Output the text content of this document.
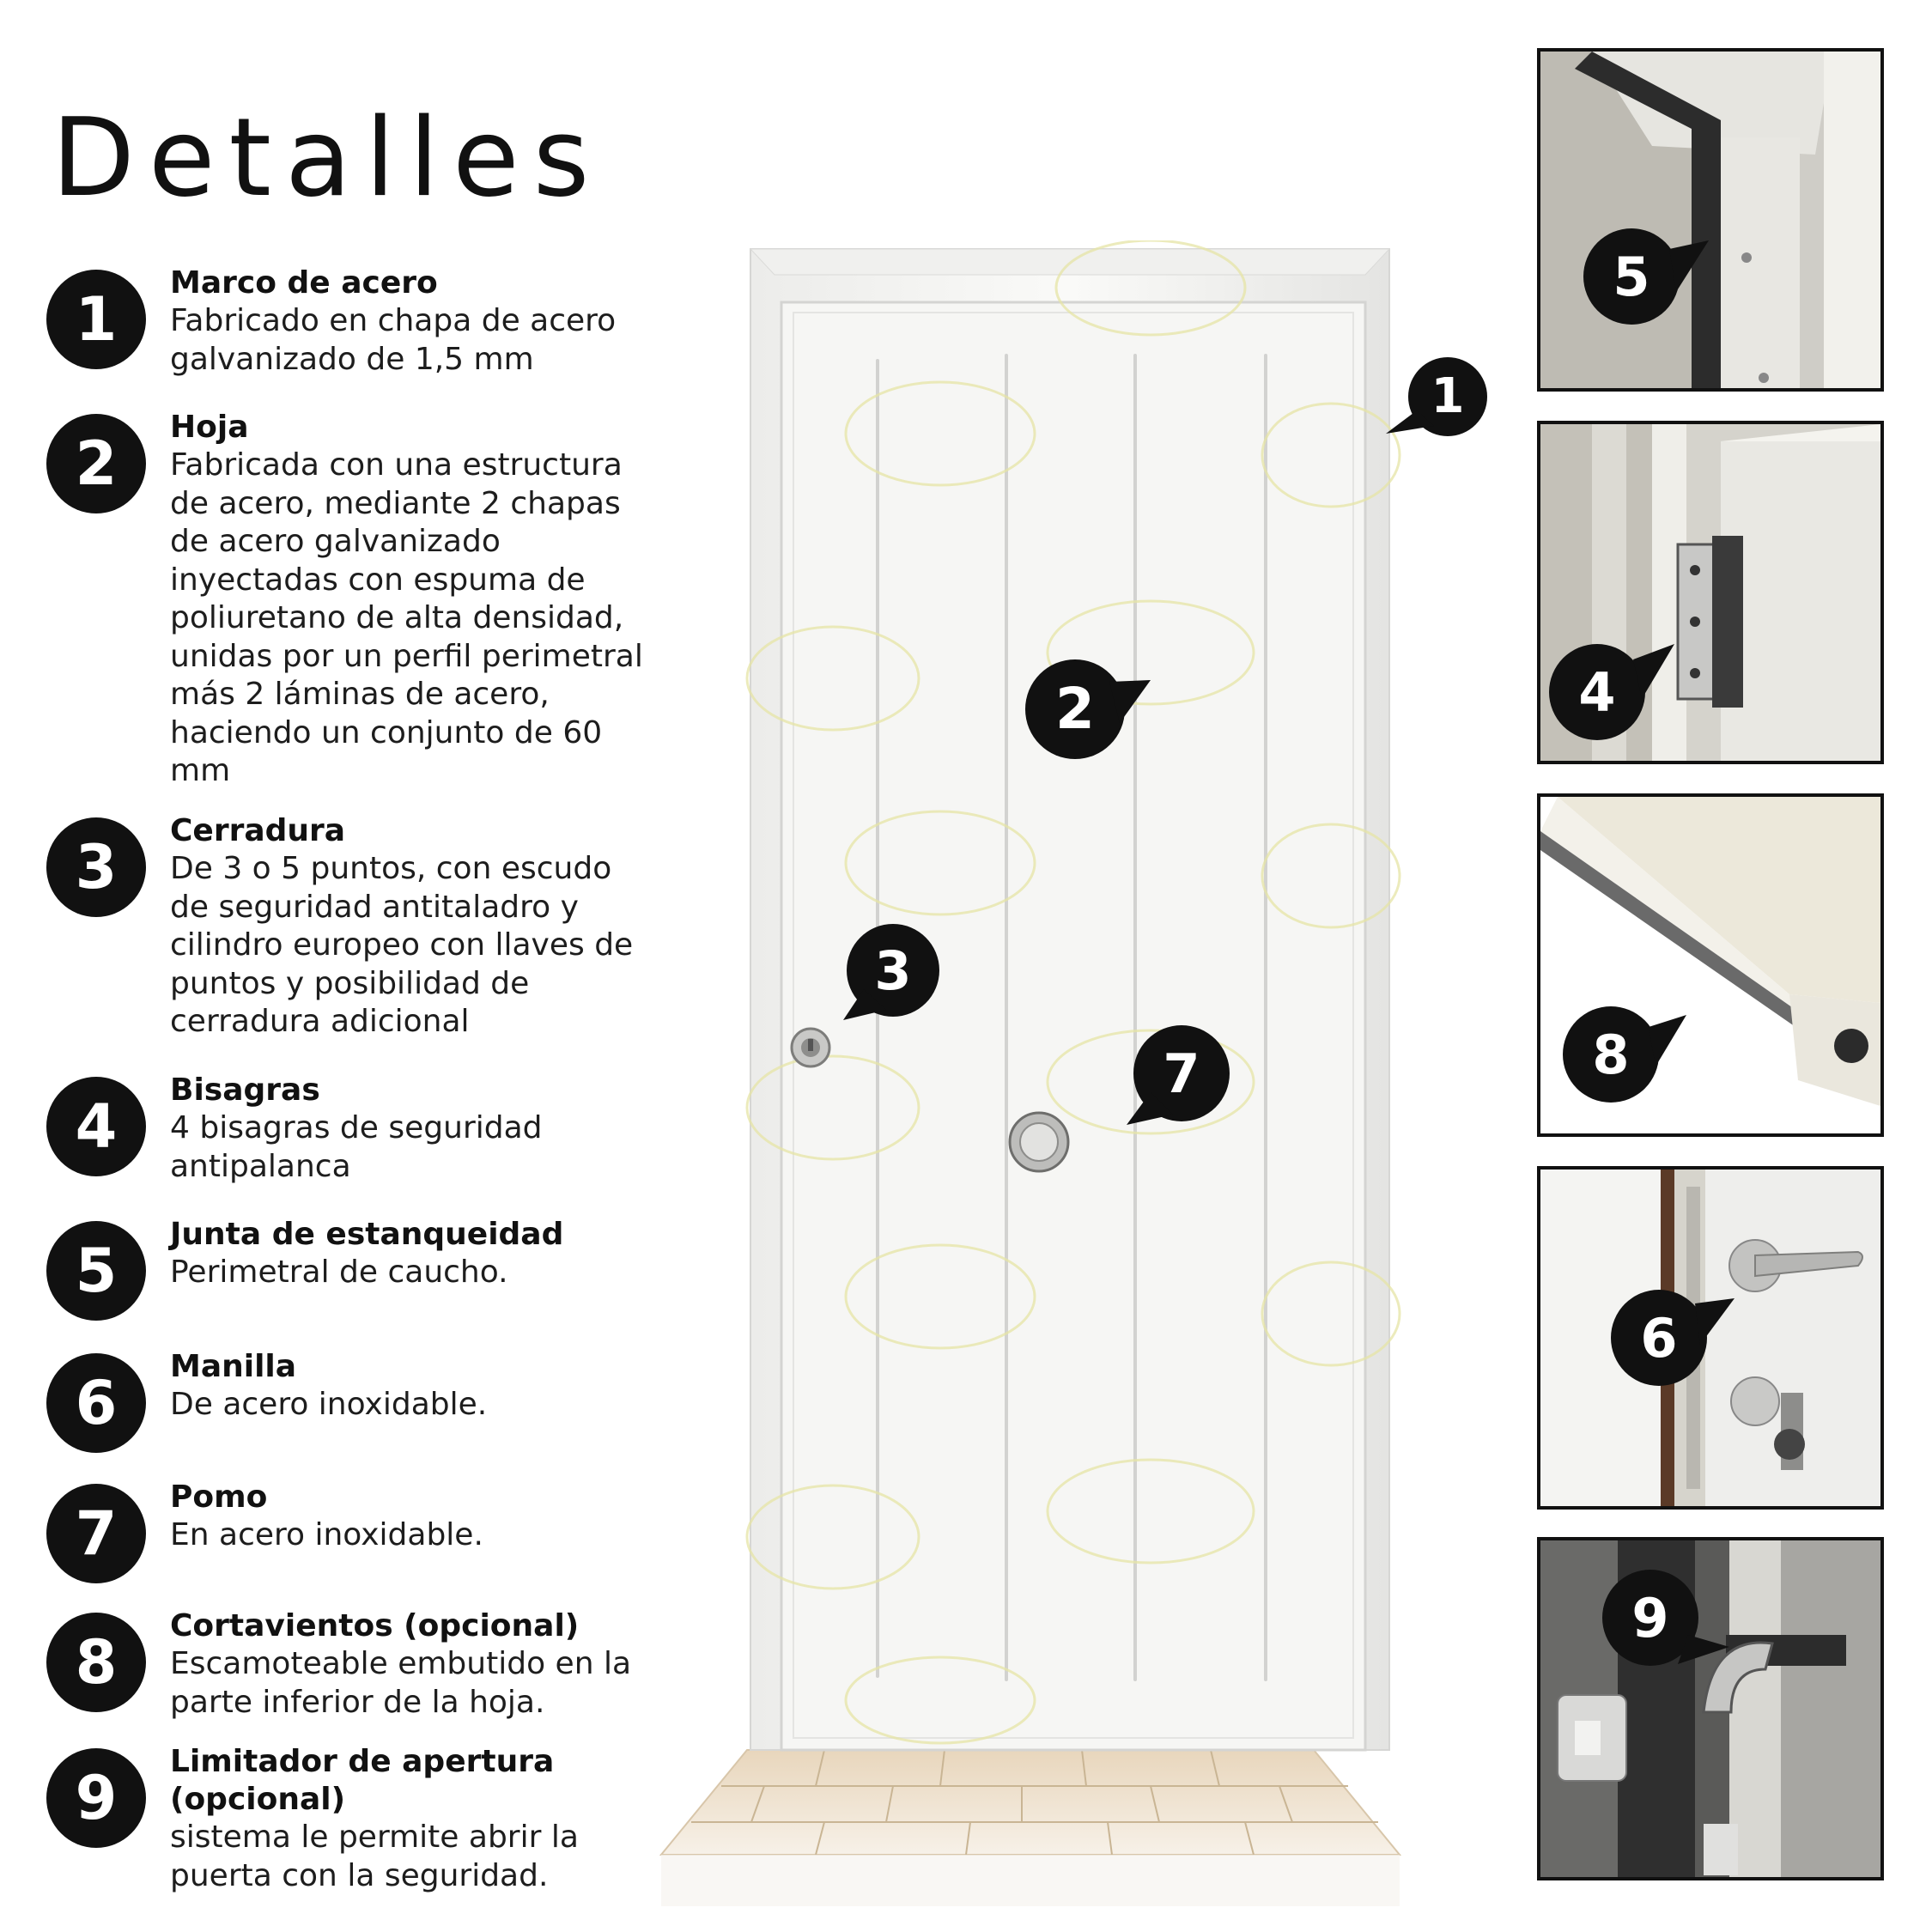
Detalles
1
Marco de acero
Fabricado en chapa de acero galvanizado de 1,5 mm
2
Hoja
Fabricada con una estructura de acero, mediante 2 chapas de acero galvanizado inyectadas con espuma de poliuretano de alta densidad, unidas por un perfil perimetral más 2 láminas de acero, haciendo un conjunto de 60 mm
3
Cerradura
De 3 o 5 puntos, con escudo de seguridad antitaladro y cilindro europeo con llaves de puntos y posibilidad de cerradura adicional
4
Bisagras
4 bisagras de seguridad antipalanca
5
Junta de estanqueidad
Perimetral de caucho.
6
Manilla
De acero inoxidable.
7
Pomo
En acero inoxidable.
8
Cortavientos (opcional)
Escamoteable embutido en la parte inferior de la hoja.
9
Limitador de apertura (opcional)
sistema le permite abrir la puerta con la seguridad.
1
2
3
7
5
4
8
6
9
